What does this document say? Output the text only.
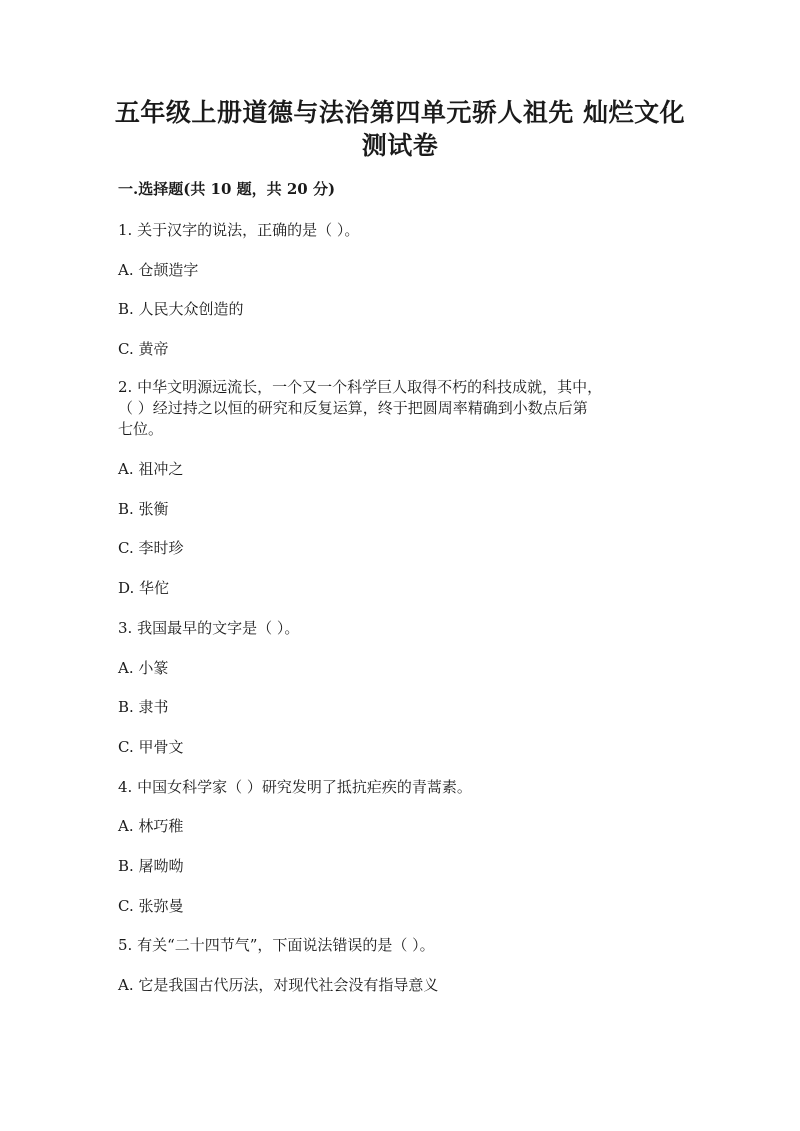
五年级上册道德与法治第四单元骄人祖先 灿烂文化
测试卷
一.选择题(共 10 题，共 20 分)
1. 关于汉字的说法，正确的是（ ）。
A. 仓颉造字
B. 人民大众创造的
C. 黄帝
2. 中华文明源远流长，一个又一个科学巨人取得不朽的科技成就，其中，
（ ）经过持之以恒的研究和反复运算，终于把圆周率精确到小数点后第
七位。
A. 祖冲之
B. 张衡
C. 李时珍
D. 华佗
3. 我国最早的文字是（ ）。
A. 小篆
B. 隶书
C. 甲骨文
4. 中国女科学家（ ）研究发明了抵抗疟疾的青蒿素。
A. 林巧稚
B. 屠呦呦
C. 张弥曼
5. 有关“二十四节气”，下面说法错误的是（ ）。
A. 它是我国古代历法，对现代社会没有指导意义
